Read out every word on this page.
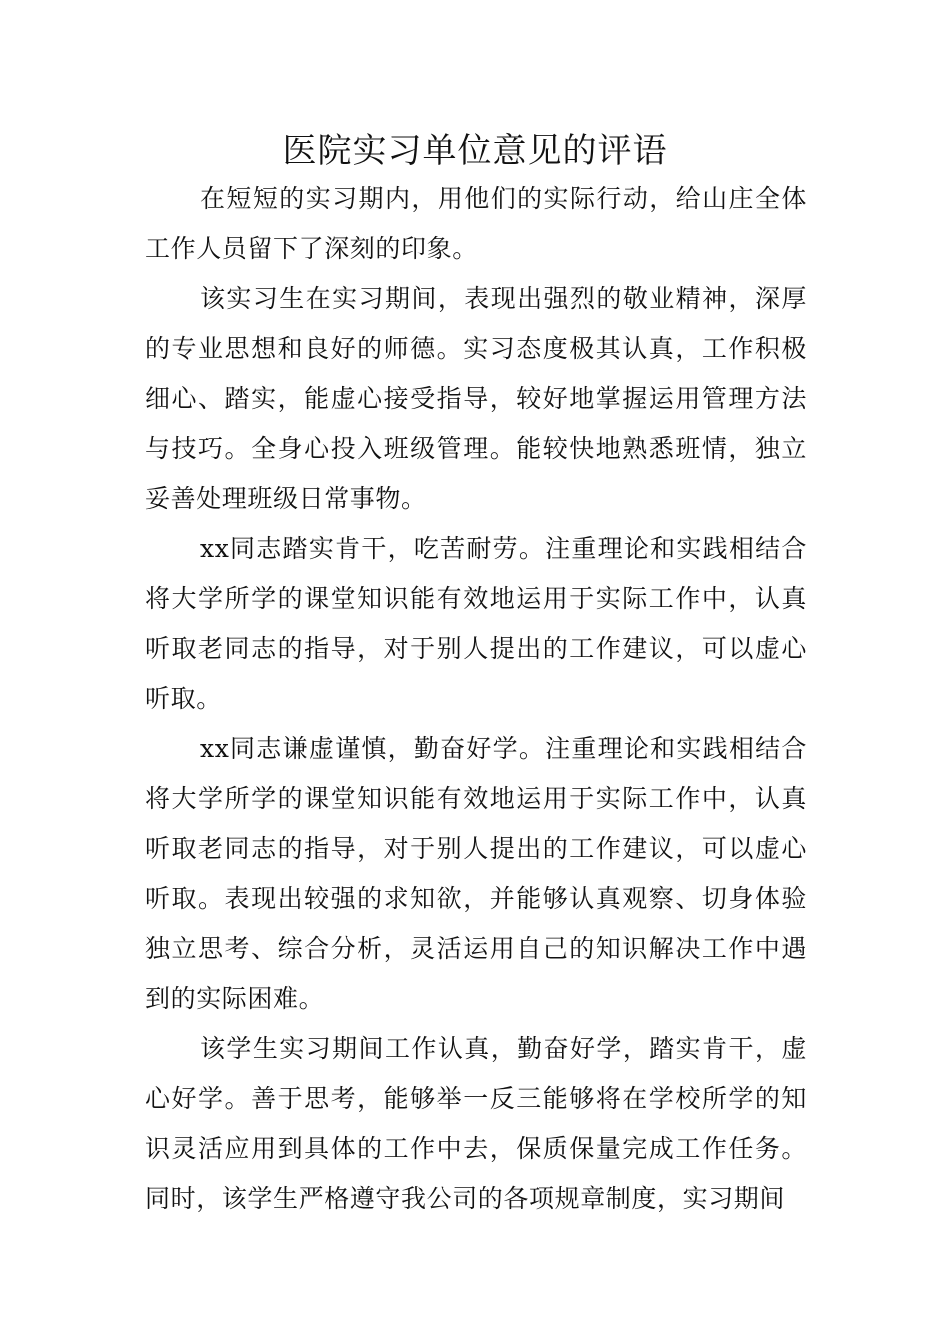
医院实习单位意见的评语

在短短的实习期内，用他们的实际行动，给山庄全体工作人员留下了深刻的印象。

该实习生在实习期间，表现出强烈的敬业精神，深厚的专业思想和良好的师德。实习态度极其认真，工作积极细心、踏实，能虚心接受指导，较好地掌握运用管理方法与技巧。全身心投入班级管理。能较快地熟悉班情，独立妥善处理班级日常事物。

xx同志踏实肯干，吃苦耐劳。注重理论和实践相结合将大学所学的课堂知识能有效地运用于实际工作中，认真听取老同志的指导，对于别人提出的工作建议，可以虚心听取。

xx同志谦虚谨慎，勤奋好学。注重理论和实践相结合将大学所学的课堂知识能有效地运用于实际工作中，认真听取老同志的指导，对于别人提出的工作建议，可以虚心听取。表现出较强的求知欲，并能够认真观察、切身体验独立思考、综合分析，灵活运用自己的知识解决工作中遇到的实际困难。

该学生实习期间工作认真，勤奋好学，踏实肯干，虚心好学。善于思考，能够举一反三能够将在学校所学的知识灵活应用到具体的工作中去，保质保量完成工作任务。同时，该学生严格遵守我公司的各项规章制度，实习期间
